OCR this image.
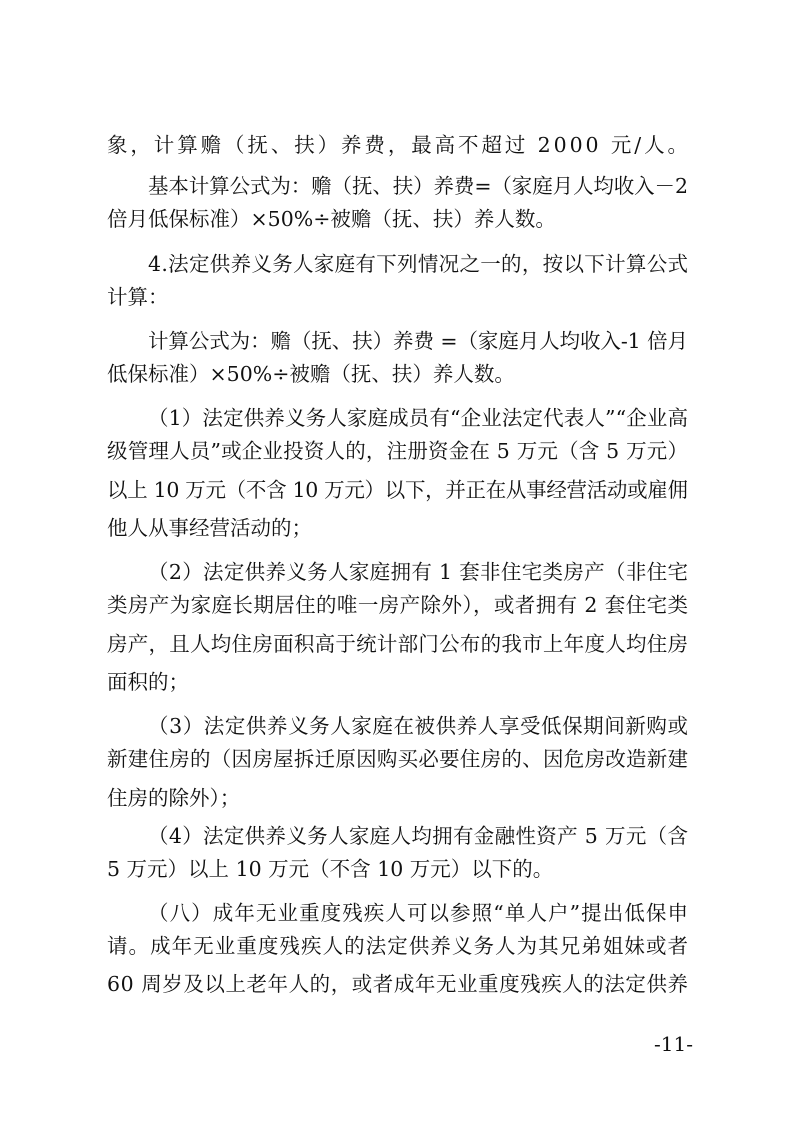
象，计算赡（抚、扶）养费，最高不超过 2000 元/人。
基本计算公式为：赡（抚、扶）养费=（家庭月人均收入－2
倍月低保标准）×50%÷被赡（抚、扶）养人数。
4.法定供养义务人家庭有下列情况之一的，按以下计算公式
计算：
计算公式为：赡（抚、扶）养费 =（家庭月人均收入-1 倍月
低保标准）×50%÷被赡（抚、扶）养人数。
（1）法定供养义务人家庭成员有“企业法定代表人”“企业高
级管理人员”或企业投资人的，注册资金在 5 万元（含 5 万元）
以上 10 万元（不含 10 万元）以下，并正在从事经营活动或雇佣
他人从事经营活动的；
（2）法定供养义务人家庭拥有 1 套非住宅类房产（非住宅
类房产为家庭长期居住的唯一房产除外），或者拥有 2 套住宅类
房产，且人均住房面积高于统计部门公布的我市上年度人均住房
面积的；
（3）法定供养义务人家庭在被供养人享受低保期间新购或
新建住房的（因房屋拆迁原因购买必要住房的、因危房改造新建
住房的除外）；
（4）法定供养义务人家庭人均拥有金融性资产 5 万元（含
5 万元）以上 10 万元（不含 10 万元）以下的。
（八）成年无业重度残疾人可以参照“单人户”提出低保申
请。成年无业重度残疾人的法定供养义务人为其兄弟姐妹或者
60 周岁及以上老年人的，或者成年无业重度残疾人的法定供养
-11-
